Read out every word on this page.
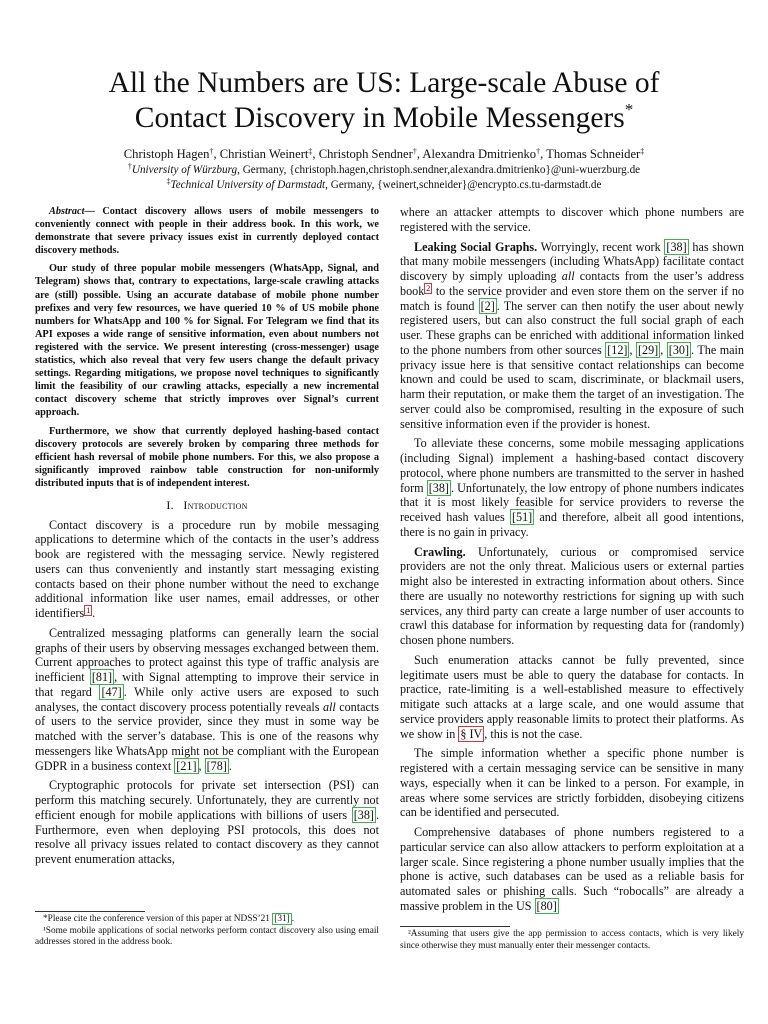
All the Numbers are US: Large-scale Abuse of
Contact Discovery in Mobile Messengers*
Christoph Hagen†, Christian Weinert‡, Christoph Sendner†, Alexandra Dmitrienko†, Thomas Schneider‡
†University of Würzburg, Germany, {christoph.hagen,christoph.sendner,alexandra.dmitrienko}@uni-wuerzburg.de
‡Technical University of Darmstadt, Germany, {weinert,schneider}@encrypto.cs.tu-darmstadt.de

Abstract— Contact discovery allows users of mobile messengers to conveniently connect with people in their address book. In this work, we demonstrate that severe privacy issues exist in currently deployed contact discovery methods.

Our study of three popular mobile messengers (WhatsApp, Signal, and Telegram) shows that, contrary to expectations, large-scale crawling attacks are (still) possible. Using an accurate database of mobile phone number prefixes and very few resources, we have queried 10 % of US mobile phone numbers for WhatsApp and 100 % for Signal. For Telegram we find that its API exposes a wide range of sensitive information, even about numbers not registered with the service. We present interesting (cross-messenger) usage statistics, which also reveal that very few users change the default privacy settings. Regarding mitigations, we propose novel techniques to significantly limit the feasibility of our crawling attacks, especially a new incremental contact discovery scheme that strictly improves over Signal’s current approach.

Furthermore, we show that currently deployed hashing-based contact discovery protocols are severely broken by comparing three methods for efficient hash reversal of mobile phone numbers. For this, we also propose a significantly improved rainbow table construction for non-uniformly distributed inputs that is of independent interest.

I. Introduction

Contact discovery is a procedure run by mobile messaging applications to determine which of the contacts in the user’s address book are registered with the messaging service. Newly registered users can thus conveniently and instantly start messaging existing contacts based on their phone number without the need to exchange additional information like user names, email addresses, or other identifiers $^1$ .

Centralized messaging platforms can generally learn the social graphs of their users by observing messages exchanged between them. Current approaches to protect against this type of traffic analysis are inefficient [81] , with Signal attempting to improve their service in that regard [47] . While only active users are exposed to such analyses, the contact discovery process potentially reveals all contacts of users to the service provider, since they must in some way be matched with the server’s database. This is one of the reasons why messengers like WhatsApp might not be compliant with the European GDPR in a business context [21] , [78] .

Cryptographic protocols for private set intersection (PSI) can perform this matching securely. Unfortunately, they are currently not efficient enough for mobile applications with billions of users [38] . Furthermore, even when deploying PSI protocols, this does not resolve all privacy issues related to contact discovery as they cannot prevent enumeration attacks,

where an attacker attempts to discover which phone numbers are registered with the service.

Leaking Social Graphs. Worryingly, recent work [38] has shown that many mobile messengers (including WhatsApp) facilitate contact discovery by simply uploading all contacts from the user’s address book $^2$ to the service provider and even store them on the server if no match is found [2] . The server can then notify the user about newly registered users, but can also construct the full social graph of each user. These graphs can be enriched with additional information linked to the phone numbers from other sources [12] , [29] , [30] . The main privacy issue here is that sensitive contact relationships can become known and could be used to scam, discriminate, or blackmail users, harm their reputation, or make them the target of an investigation. The server could also be compromised, resulting in the exposure of such sensitive information even if the provider is honest.

To alleviate these concerns, some mobile messaging applications (including Signal) implement a hashing-based contact discovery protocol, where phone numbers are transmitted to the server in hashed form [38] . Unfortunately, the low entropy of phone numbers indicates that it is most likely feasible for service providers to reverse the received hash values [51] and therefore, albeit all good intentions, there is no gain in privacy.

Crawling. Unfortunately, curious or compromised service providers are not the only threat. Malicious users or external parties might also be interested in extracting information about others. Since there are usually no noteworthy restrictions for signing up with such services, any third party can create a large number of user accounts to crawl this database for information by requesting data for (randomly) chosen phone numbers.

Such enumeration attacks cannot be fully prevented, since legitimate users must be able to query the database for contacts. In practice, rate-limiting is a well-established measure to effectively mitigate such attacks at a large scale, and one would assume that service providers apply reasonable limits to protect their platforms. As we show in § IV , this is not the case.

The simple information whether a specific phone number is registered with a certain messaging service can be sensitive in many ways, especially when it can be linked to a person. For example, in areas where some services are strictly forbidden, disobeying citizens can be identified and persecuted.

Comprehensive databases of phone numbers registered to a particular service can also allow attackers to perform exploitation at a larger scale. Since registering a phone number usually implies that the phone is active, such databases can be used as a reliable basis for automated sales or phishing calls. Such “robocalls” are already a massive problem in the US [80]

*Please cite the conference version of this paper at NDSS’21 [31] .

¹Some mobile applications of social networks perform contact discovery also using email addresses stored in the address book.

²Assuming that users give the app permission to access contacts, which is very likely since otherwise they must manually enter their messenger contacts.
